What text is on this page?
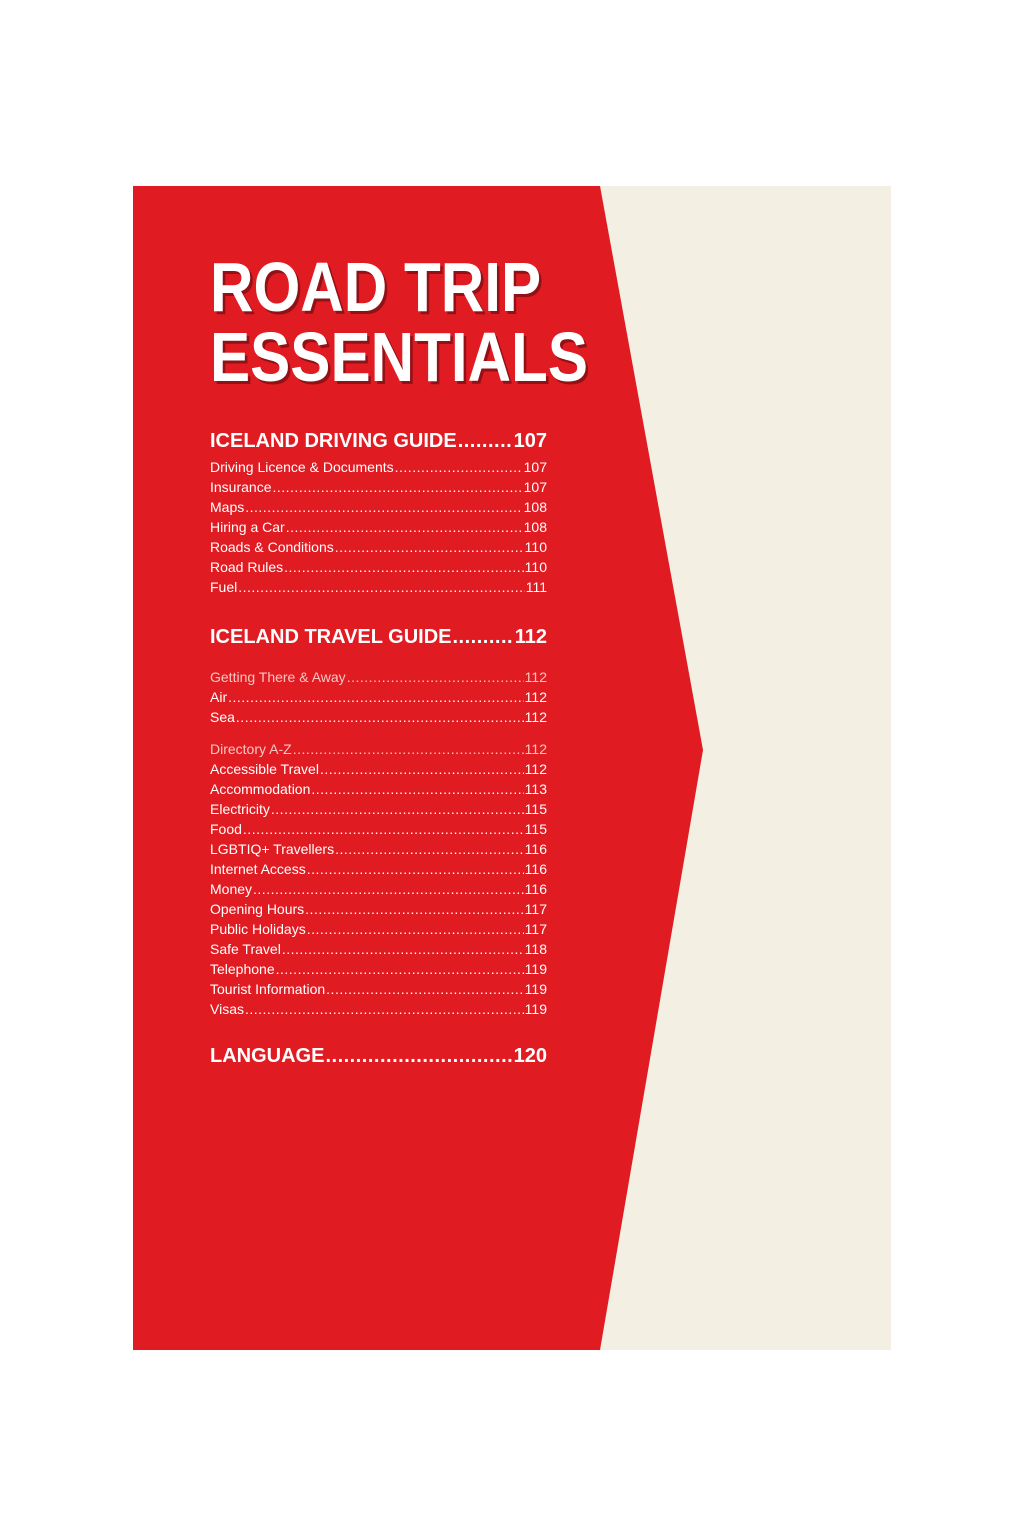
ROAD TRIP
ESSENTIALS
ICELAND DRIVING GUIDE .....	107
Driving Licence & Documents .....	107
Insurance .....	107
Maps .....	108
Hiring a Car .....	108
Roads & Conditions .....	110
Road Rules .....	110
Fuel .....	111
ICELAND TRAVEL GUIDE .....	112
Getting There & Away .....	112
Air .....	112
Sea .....	112
Directory A-Z .....	112
Accessible Travel .....	112
Accommodation .....	113
Electricity .....	115
Food .....	115
LGBTIQ+ Travellers .....	116
Internet Access .....	116
Money .....	116
Opening Hours .....	117
Public Holidays .....	117
Safe Travel .....	118
Telephone .....	119
Tourist Information .....	119
Visas .....	119
LANGUAGE .....	120
